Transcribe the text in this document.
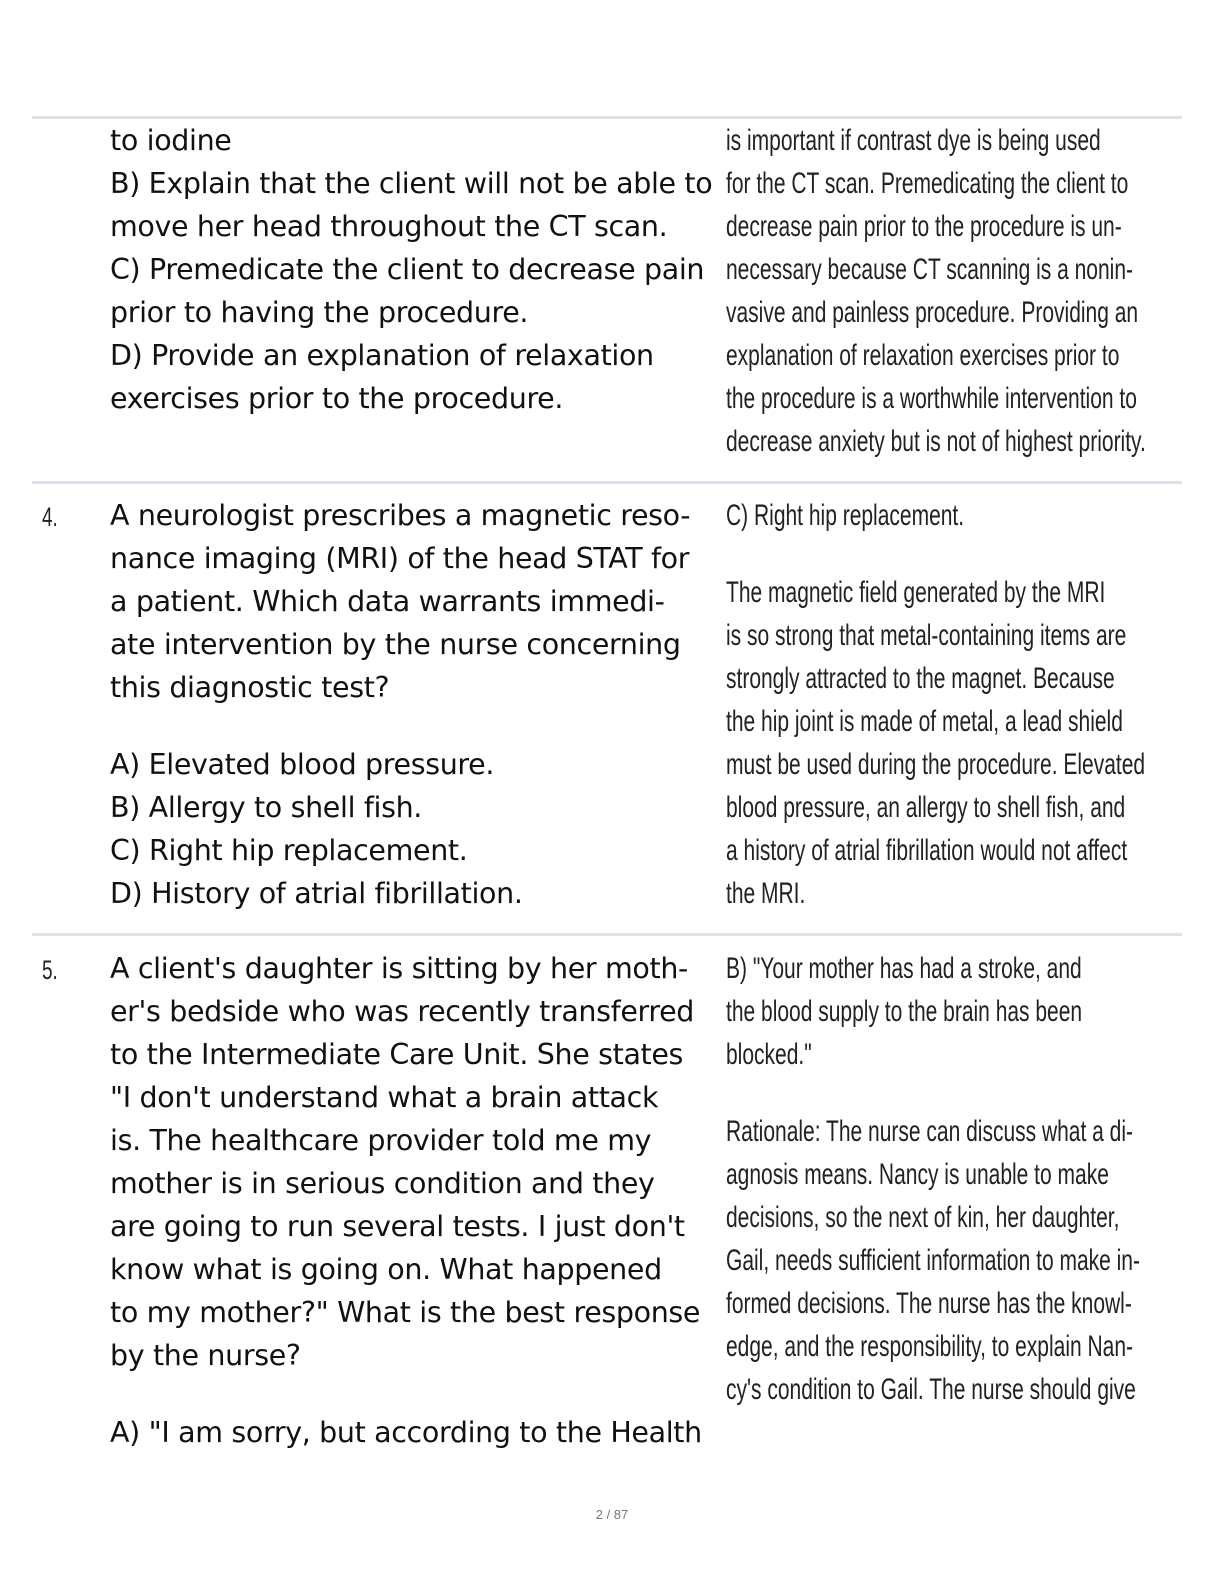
to iodine
B) Explain that the client will not be able to
move her head throughout the CT scan.
C) Premedicate the client to decrease pain
prior to having the procedure.
D) Provide an explanation of relaxation
exercises prior to the procedure.
is important if contrast dye is being used
for the CT scan. Premedicating the client to
decrease pain prior to the procedure is un-
necessary because CT scanning is a nonin-
vasive and painless procedure. Providing an
explanation of relaxation exercises prior to
the procedure is a worthwhile intervention to
decrease anxiety but is not of highest priority.
4.	A neurologist prescribes a magnetic reso-
nance imaging (MRI) of the head STAT for
a patient. Which data warrants immedi-
ate intervention by the nurse concerning
this diagnostic test?
A) Elevated blood pressure.
B) Allergy to shell fish.
C) Right hip replacement.
D) History of atrial fibrillation.
C) Right hip replacement.
The magnetic field generated by the MRI
is so strong that metal-containing items are
strongly attracted to the magnet. Because
the hip joint is made of metal, a lead shield
must be used during the procedure. Elevated
blood pressure, an allergy to shell fish, and
a history of atrial fibrillation would not affect
the MRI.
5.	A client's daughter is sitting by her moth-
er's bedside who was recently transferred
to the Intermediate Care Unit. She states
"I don't understand what a brain attack
is. The healthcare provider told me my
mother is in serious condition and they
are going to run several tests. I just don't
know what is going on. What happened
to my mother?" What is the best response
by the nurse?
A) "I am sorry, but according to the Health
B) "Your mother has had a stroke, and
the blood supply to the brain has been
blocked."
Rationale: The nurse can discuss what a di-
agnosis means. Nancy is unable to make
decisions, so the next of kin, her daughter,
Gail, needs sufficient information to make in-
formed decisions. The nurse has the knowl-
edge, and the responsibility, to explain Nan-
cy's condition to Gail. The nurse should give
2 / 87
